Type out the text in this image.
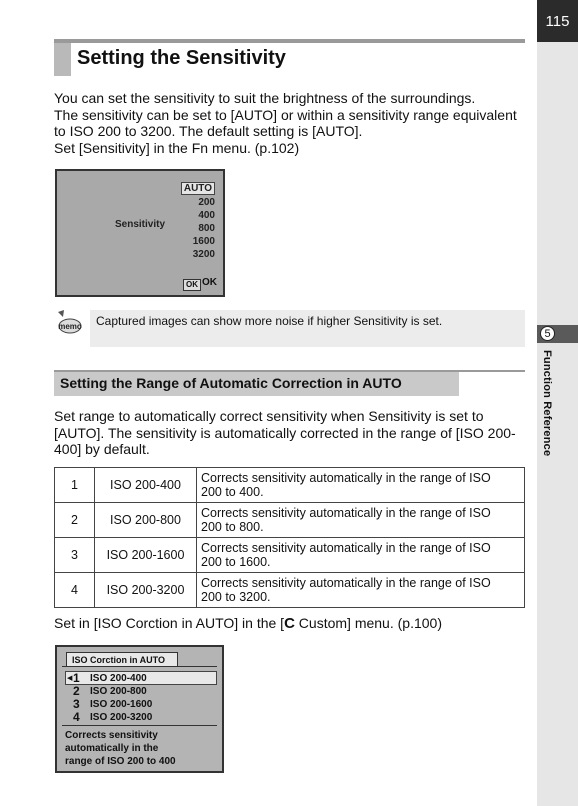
115
5
Function Reference
Setting the Sensitivity
You can set the sensitivity to suit the brightness of the surroundings.
The sensitivity can be set to [AUTO] or within a sensitivity range equivalent
to ISO 200 to 3200. The default setting is [AUTO].
Set [Sensitivity] in the Fn menu. (p.102)
Sensitivity
AUTO
200
400
800
1600
3200
OK OK
memo Captured images can show more noise if higher Sensitivity is set.
Setting the Range of Automatic Correction in AUTO
Set range to automatically correct sensitivity when Sensitivity is set to
[AUTO]. The sensitivity is automatically corrected in the range of [ISO 200-
400] by default.
1	ISO 200-400	Corrects sensitivity automatically in the range of ISO
200 to 400.

2	ISO 200-800	Corrects sensitivity automatically in the range of ISO
200 to 800.

3	ISO 200-1600	Corrects sensitivity automatically in the range of ISO
200 to 1600.

4	ISO 200-3200	Corrects sensitivity automatically in the range of ISO
200 to 3200.
Set in [ISO Corction in AUTO] in the [C Custom] menu. (p.100)
ISO Corction in AUTO
◀ 1 ISO 200-400
2 ISO 200-800
3 ISO 200-1600
4 ISO 200-3200
Corrects sensitivity
automatically in the
range of ISO 200 to 400
